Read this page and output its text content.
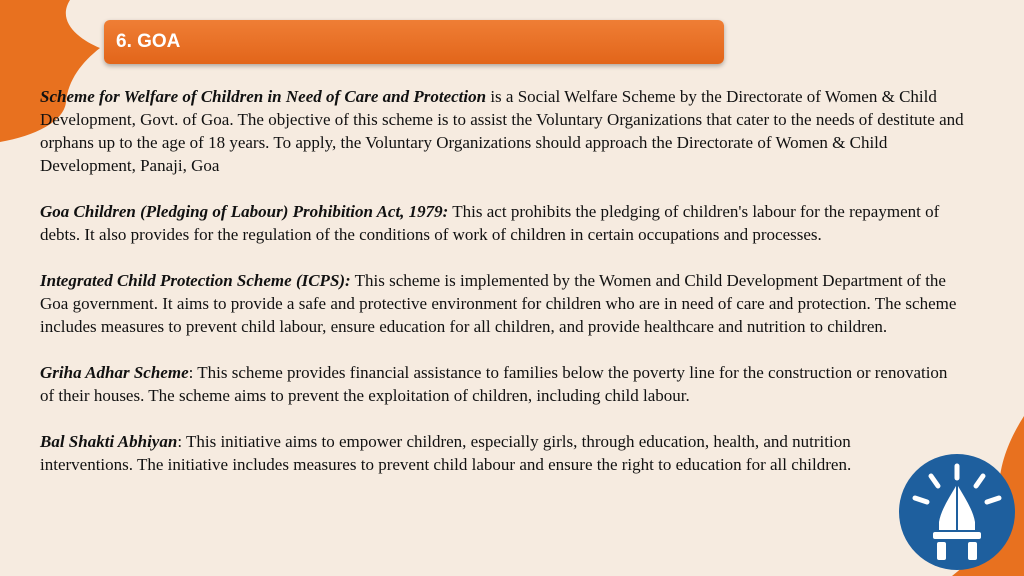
6. GOA

Scheme for Welfare of Children in Need of Care and Protection is a Social Welfare Scheme by the Directorate of Women & Child Development, Govt. of Goa. The objective of this scheme is to assist the Voluntary Organizations that cater to the needs of destitute and orphans up to the age of 18 years. To apply, the Voluntary Organizations should approach the Directorate of Women & Child Development, Panaji, Goa

Goa Children (Pledging of Labour) Prohibition Act, 1979: This act prohibits the pledging of children's labour for the repayment of debts. It also provides for the regulation of the conditions of work of children in certain occupations and processes.

Integrated Child Protection Scheme (ICPS): This scheme is implemented by the Women and Child Development Department of the Goa government. It aims to provide a safe and protective environment for children who are in need of care and protection. The scheme includes measures to prevent child labour, ensure education for all children, and provide healthcare and nutrition to children.

Griha Adhar Scheme: This scheme provides financial assistance to families below the poverty line for the construction or renovation of their houses. The scheme aims to prevent the exploitation of children, including child labour.

Bal Shakti Abhiyan: This initiative aims to empower children, especially girls, through education, health, and nutrition interventions. The initiative includes measures to prevent child labour and ensure the right to education for all children.
